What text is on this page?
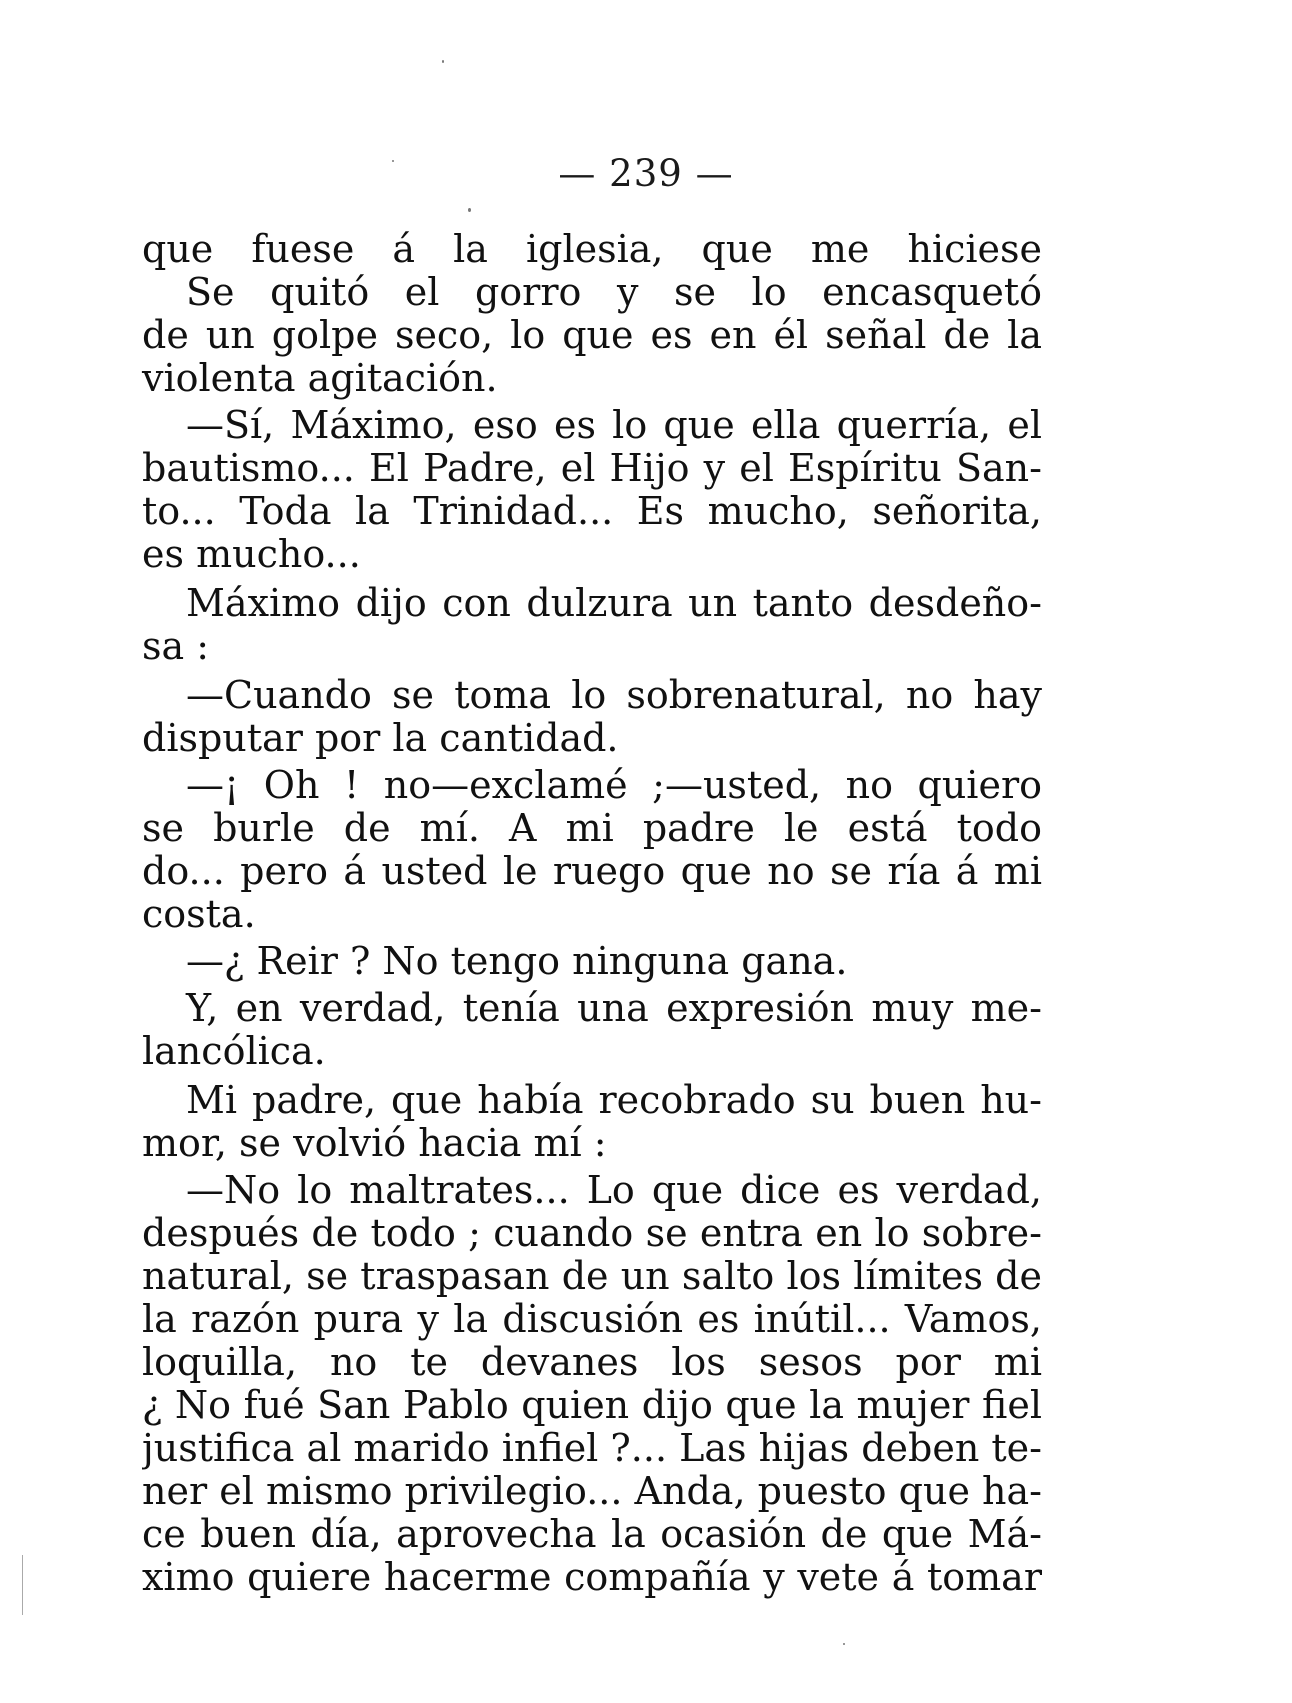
— 239 —
que fuese á la iglesia, que me hiciese
Se quitó el gorro y se lo encasquetó
de un golpe seco, lo que es en él señal de la
violenta agitación.
—Sí, Máximo, eso es lo que ella querría, el
bautismo... El Padre, el Hijo y el Espíritu San-
to... Toda la Trinidad... Es mucho, señorita,
es mucho...
Máximo dijo con dulzura un tanto desdeño-
sa :
—Cuando se toma lo sobrenatural, no hay
disputar por la cantidad.
—¡ Oh ! no—exclamé ;—usted, no quiero
se burle de mí. A mi padre le está todo
do... pero á usted le ruego que no se ría á mi
costa.
—¿ Reir ? No tengo ninguna gana.
Y, en verdad, tenía una expresión muy me-
lancólica.
Mi padre, que había recobrado su buen hu-
mor, se volvió hacia mí :
—No lo maltrates... Lo que dice es verdad,
después de todo ; cuando se entra en lo sobre-
natural, se traspasan de un salto los límites de
la razón pura y la discusión es inútil... Vamos,
loquilla, no te devanes los sesos por mi
¿ No fué San Pablo quien dijo que la mujer fiel
justifica al marido infiel ?... Las hijas deben te-
ner el mismo privilegio... Anda, puesto que ha-
ce buen día, aprovecha la ocasión de que Má-
ximo quiere hacerme compañía y vete á tomar
